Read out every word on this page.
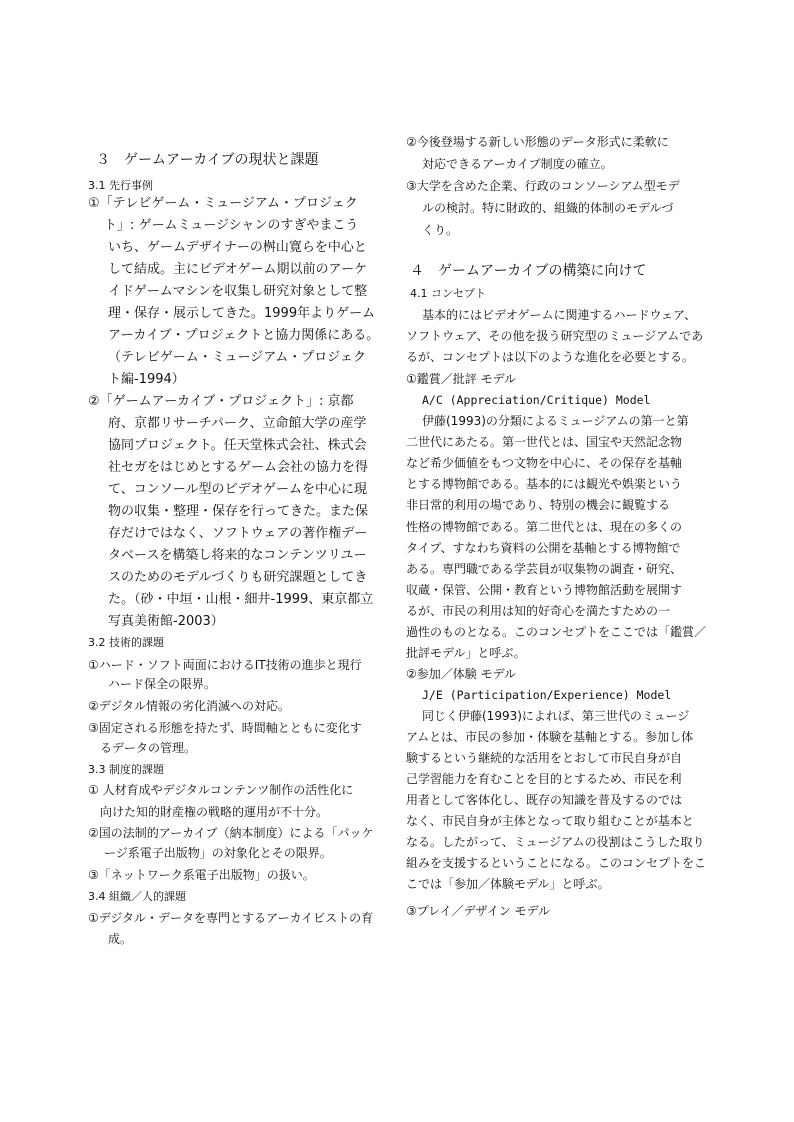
３　ゲームアーカイブの現状と課題
3.1 先行事例
①「テレビゲーム・ミュージアム・プロジェク
ト」: ゲームミュージシャンのすぎやまこう
いち、ゲームデザイナーの桝山寛らを中心と
して結成。主にビデオゲーム期以前のアーケ
イドゲームマシンを収集し研究対象として整
理・保存・展示してきた。1999年よりゲーム
アーカイブ・プロジェクトと協力関係にある。
（テレビゲーム・ミュージアム・プロジェク
ト編-1994）
②「ゲームアーカイブ・プロジェクト」: 京都
府、京都リサーチパーク、立命館大学の産学
協同プロジェクト。任天堂株式会社、株式会
社セガをはじめとするゲーム会社の協力を得
て、コンソール型のビデオゲームを中心に現
物の収集・整理・保存を行ってきた。また保
存だけではなく、ソフトウェアの著作権デー
タベースを構築し将来的なコンテンツリユー
スのためのモデルづくりも研究課題としてき
た。（砂・中垣・山根・細井-1999、東京都立
写真美術館-2003）
3.2 技術的課題
①ハード・ソフト両面におけるIT技術の進歩と現行
ハード保全の限界。
②デジタル情報の劣化消滅への対応。
③固定される形態を持たず、時間軸とともに変化す
るデータの管理。
3.3 制度的課題
① 人材育成やデジタルコンテンツ制作の活性化に
向けた知的財産権の戦略的運用が不十分。
②国の法制的アーカイブ（納本制度）による「パッケ
ージ系電子出版物」の対象化とその限界。
③「ネットワーク系電子出版物」の扱い。
3.4 組織／人的課題
①デジタル・データを専門とするアーカイビストの育
成。
②今後登場する新しい形態のデータ形式に柔軟に
対応できるアーカイブ制度の確立。
③大学を含めた企業、行政のコンソーシアム型モデ
ルの検討。特に財政的、組織的体制のモデルづ
くり。
４　ゲームアーカイブの構築に向けて
4.1 コンセプト
基本的にはビデオゲームに関連するハードウェア、
ソフトウェア、その他を扱う研究型のミュージアムであ
るが、コンセプトは以下のような進化を必要とする。
①鑑賞／批評 モデル
A/C (Appreciation/Critique) Model
伊藤(1993)の分類によるミュージアムの第一と第
二世代にあたる。第一世代とは、国宝や天然記念物
など希少価値をもつ文物を中心に、その保存を基軸
とする博物館である。基本的には観光や娯楽という
非日常的利用の場であり、特別の機会に観覧する
性格の博物館である。第二世代とは、現在の多くの
タイプ、すなわち資料の公開を基軸とする博物館で
ある。専門職である学芸員が収集物の調査・研究、
収蔵・保管、公開・教育という博物館活動を展開す
るが、市民の利用は知的好奇心を満たすための一
過性のものとなる。このコンセプトをここでは「鑑賞／
批評モデル」と呼ぶ。
②参加／体験 モデル
J/E (Participation/Experience) Model
同じく伊藤(1993)によれば、第三世代のミュージ
アムとは、市民の参加・体験を基軸とする。参加し体
験するという継続的な活用をとおして市民自身が自
己学習能力を育むことを目的とするため、市民を利
用者として客体化し、既存の知識を普及するのでは
なく、市民自身が主体となって取り組むことが基本と
なる。したがって、ミュージアムの役割はこうした取り
組みを支援するということになる。このコンセプトをこ
こでは「参加／体験モデル」と呼ぶ。
③プレイ／デザイン モデル
